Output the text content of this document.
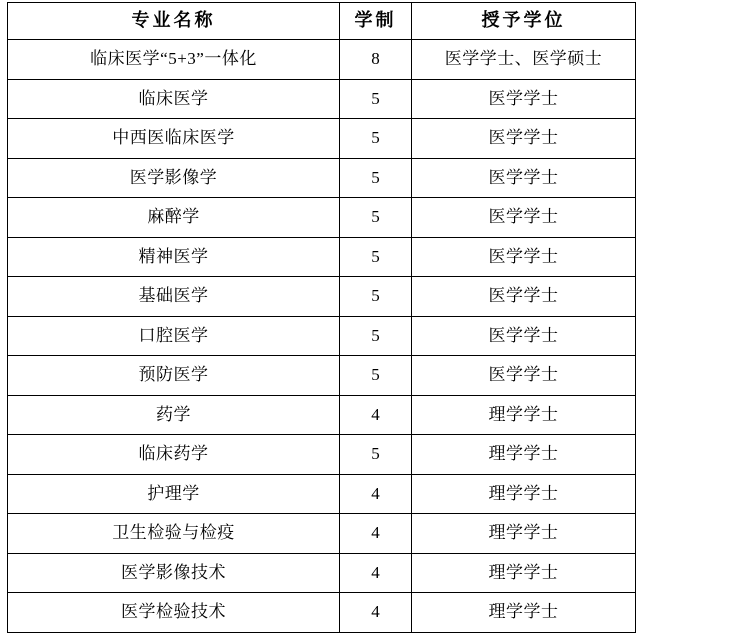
专业名称	学制	授予学位
临床医学“5+3”一体化	8	医学学士、医学硕士
临床医学	5	医学学士
中西医临床医学	5	医学学士
医学影像学	5	医学学士
麻醉学	5	医学学士
精神医学	5	医学学士
基础医学	5	医学学士
口腔医学	5	医学学士
预防医学	5	医学学士
药学	4	理学学士
临床药学	5	理学学士
护理学	4	理学学士
卫生检验与检疫	4	理学学士
医学影像技术	4	理学学士
医学检验技术	4	理学学士
